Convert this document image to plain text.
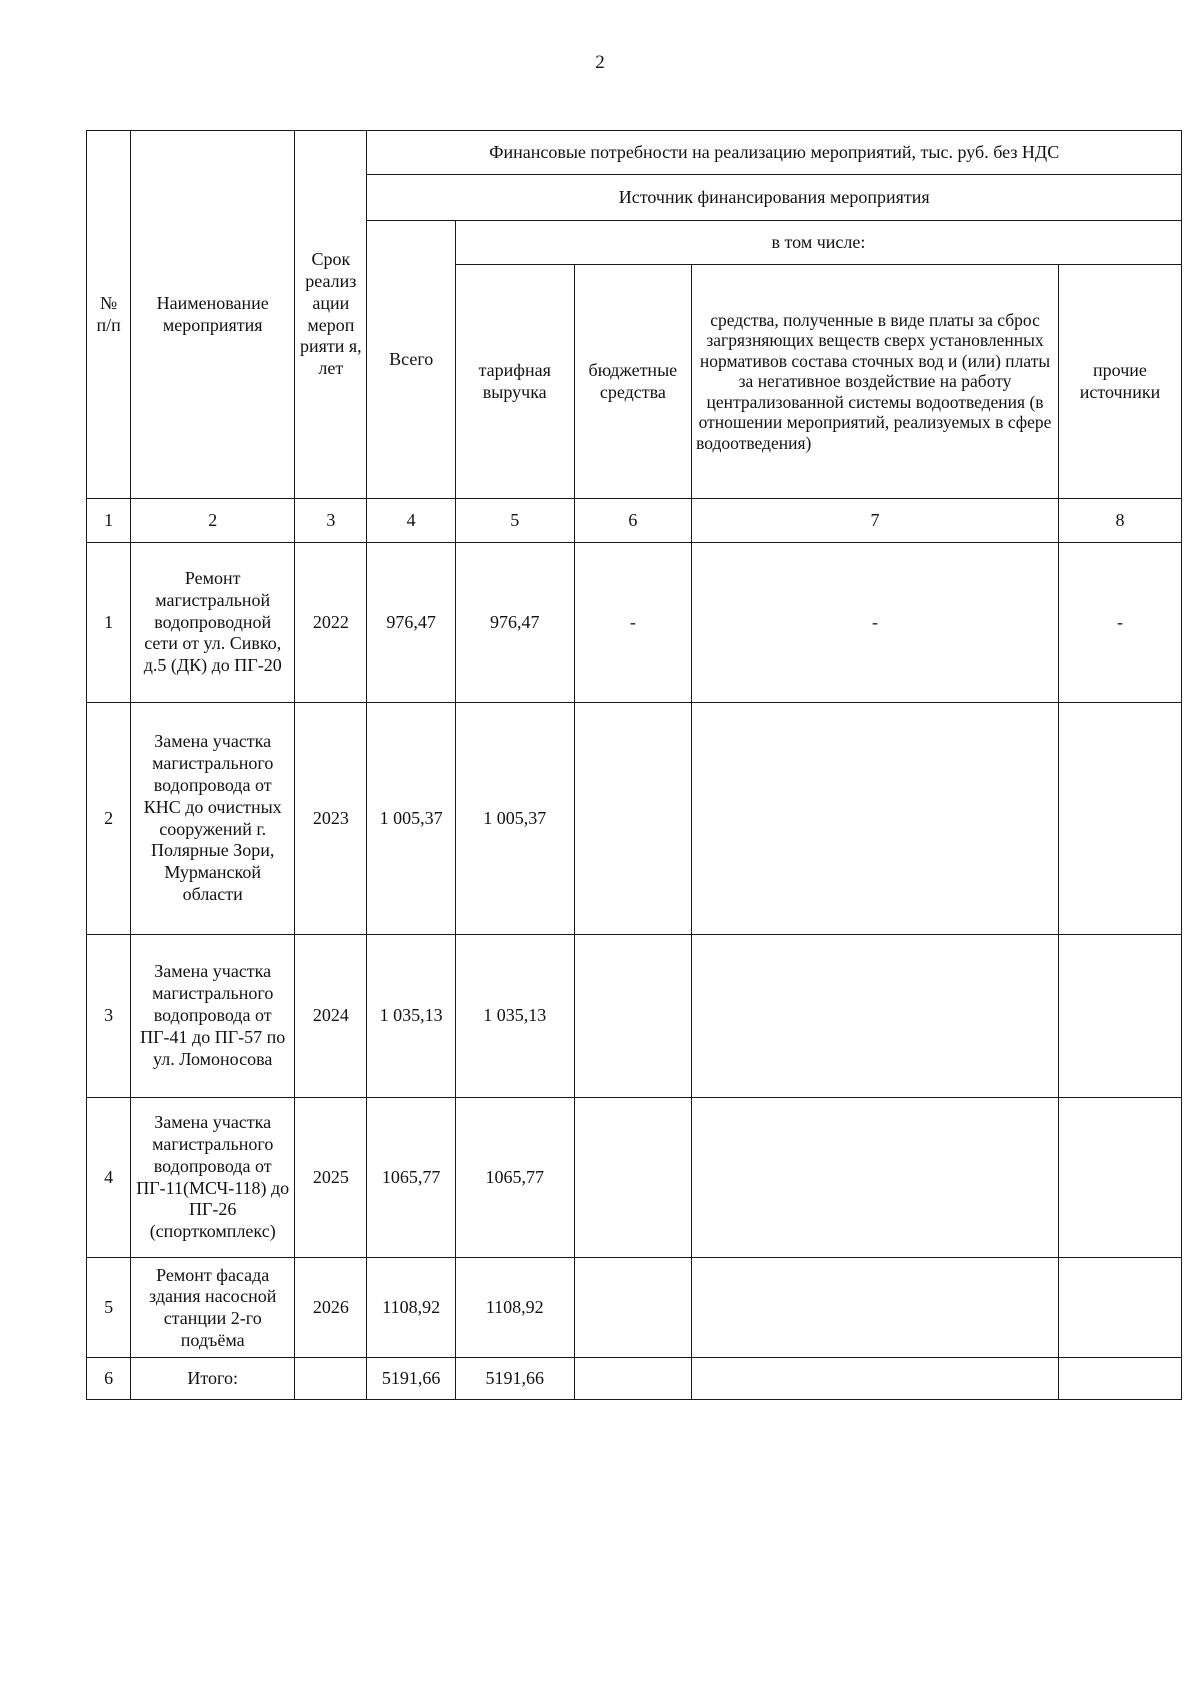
2
№ п/п	Наименование мероприятия	Срок реализ ации мероп рияти я, лет	Финансовые потребности на реализацию мероприятий, тыс. руб. без НДС				
			Источник финансирования мероприятия				
			Всего	в том числе:			
				тарифная выручка	бюджетные средства	средства, полученные в виде платы за сброс загрязняющих веществ сверх установленных нормативов состава сточных вод и (или) платы за негативное воздействие на работу централизованной системы водоотведения (в отношении мероприятий, реализуемых в сфере водоотведения)	прочие источники
1	2	3	4	5	6	7	8
1	Ремонт магистральной водопроводной сети от ул. Сивко, д.5 (ДК) до ПГ-20	2022	976,47	976,47	-	-	-
2	Замена участка магистрального водопровода от КНС до очистных сооружений г. Полярные Зори, Мурманской области	2023	1 005,37	1 005,37			
3	Замена участка магистрального водопровода от ПГ-41 до ПГ-57 по ул. Ломоносова	2024	1 035,13	1 035,13			
4	Замена участка магистрального водопровода от ПГ-11(МСЧ-118) до ПГ-26 (спорткомплекс)	2025	1065,77	1065,77			
5	Ремонт фасада здания насосной станции 2-го подъёма	2026	1108,92	1108,92			
6	Итого:		5191,66	5191,66			
